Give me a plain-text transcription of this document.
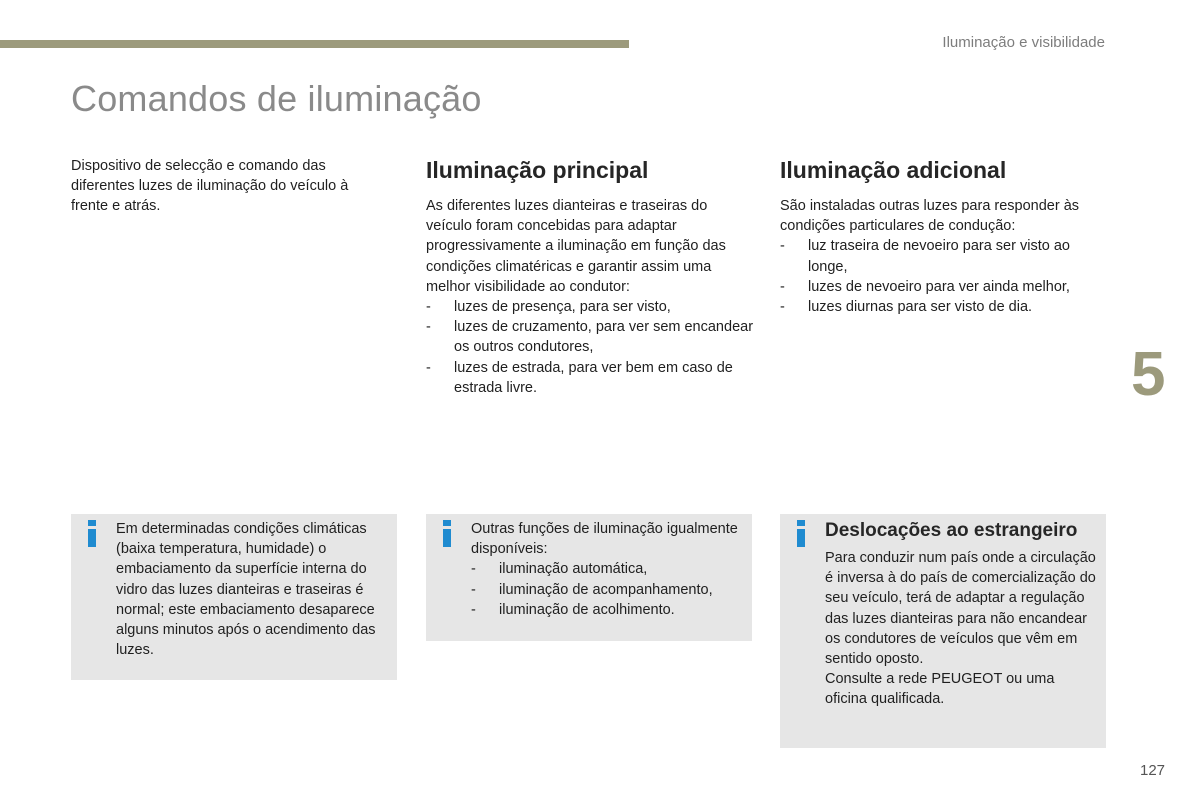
Iluminação e visibilidade
Comandos de iluminação

Dispositivo de selecção e comando das diferentes luzes de iluminação do veículo à frente e atrás.

Iluminação principal

As diferentes luzes dianteiras e traseiras do veículo foram concebidas para adaptar progressivamente a iluminação em função das condições climatéricas e garantir assim uma melhor visibilidade ao condutor:

- luzes de presença, para ser visto,
- luzes de cruzamento, para ver sem encandear os outros condutores,
- luzes de estrada, para ver bem em caso de estrada livre.
Iluminação adicional

São instaladas outras luzes para responder às condições particulares de condução:

- luz traseira de nevoeiro para ser visto ao longe,
- luzes de nevoeiro para ver ainda melhor,
- luzes diurnas para ser visto de dia.
5

Em determinadas condições climáticas (baixa temperatura, humidade) o embaciamento da superfície interna do vidro das luzes dianteiras e traseiras é normal; este embaciamento desaparece alguns minutos após o acendimento das luzes.

Outras funções de iluminação igualmente disponíveis:

- iluminação automática,
- iluminação de acompanhamento,
- iluminação de acolhimento.
Deslocações ao estrangeiro

Para conduzir num país onde a circulação é inversa à do país de comercialização do seu veículo, terá de adaptar a regulação das luzes dianteiras para não encandear os condutores de veículos que vêm em sentido oposto.

Consulte a rede PEUGEOT ou uma oficina qualificada.

127
